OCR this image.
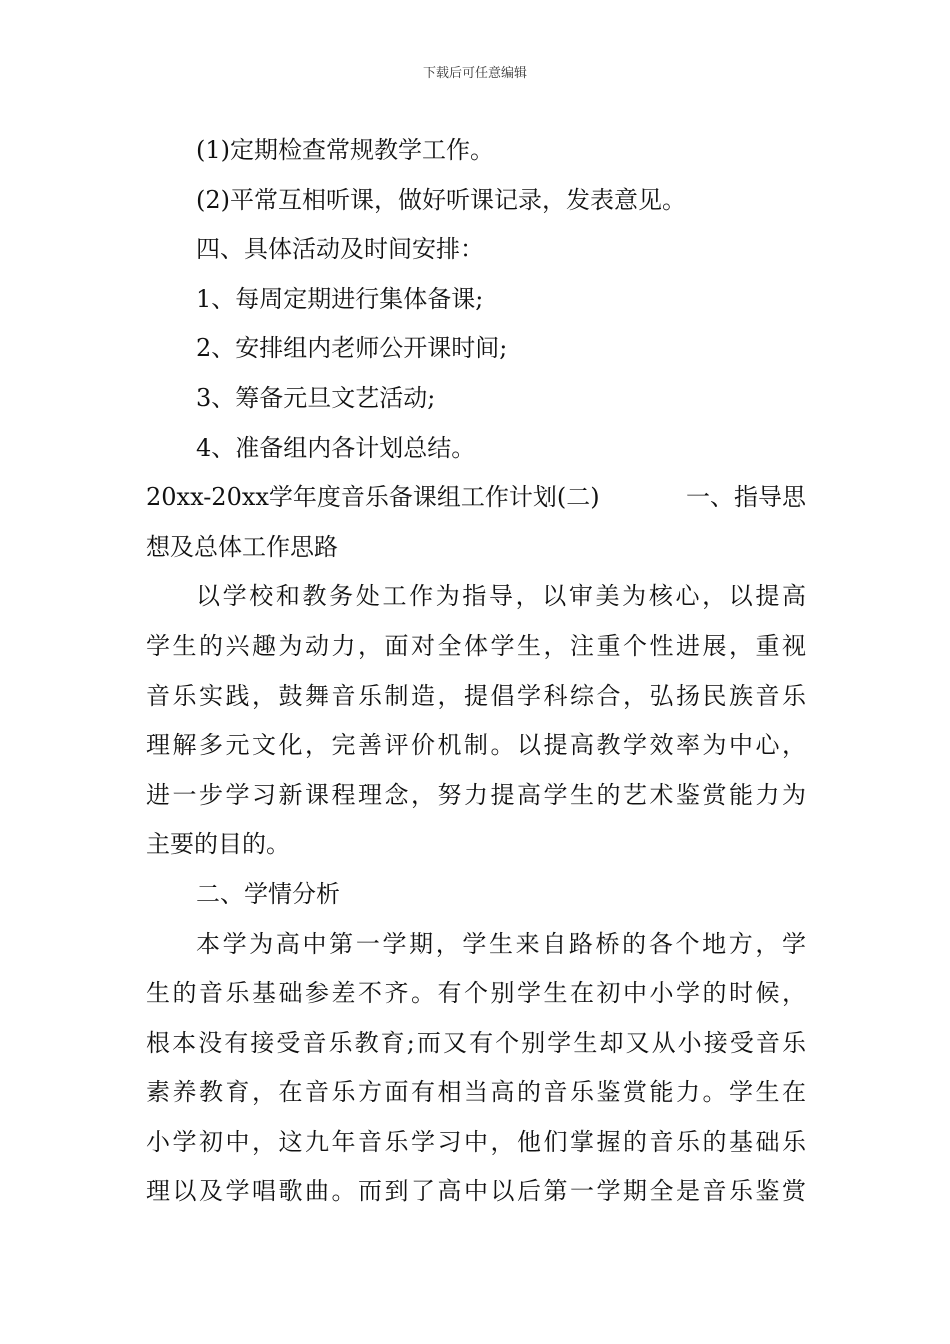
下载后可任意编辑
(1)定期检查常规教学工作。
(2)平常互相听课，做好听课记录，发表意见。
四、具体活动及时间安排：
1、每周定期进行集体备课;
2、安排组内老师公开课时间;
3、筹备元旦文艺活动;
4、准备组内各计划总结。
20xx-20xx学年度音乐备课组工作计划(二)	一、指导思
想及总体工作思路
以学校和教务处工作为指导，以审美为核心，以提高
学生的兴趣为动力，面对全体学生，注重个性进展，重视
音乐实践，鼓舞音乐制造，提倡学科综合，弘扬民族音乐
理解多元文化，完善评价机制。以提高教学效率为中心，
进一步学习新课程理念，努力提高学生的艺术鉴赏能力为
主要的目的。
二、学情分析
本学为高中第一学期，学生来自路桥的各个地方，学
生的音乐基础参差不齐。有个别学生在初中小学的时候，
根本没有接受音乐教育;而又有个别学生却又从小接受音乐
素养教育，在音乐方面有相当高的音乐鉴赏能力。学生在
小学初中，这九年音乐学习中，他们掌握的音乐的基础乐
理以及学唱歌曲。而到了高中以后第一学期全是音乐鉴赏
